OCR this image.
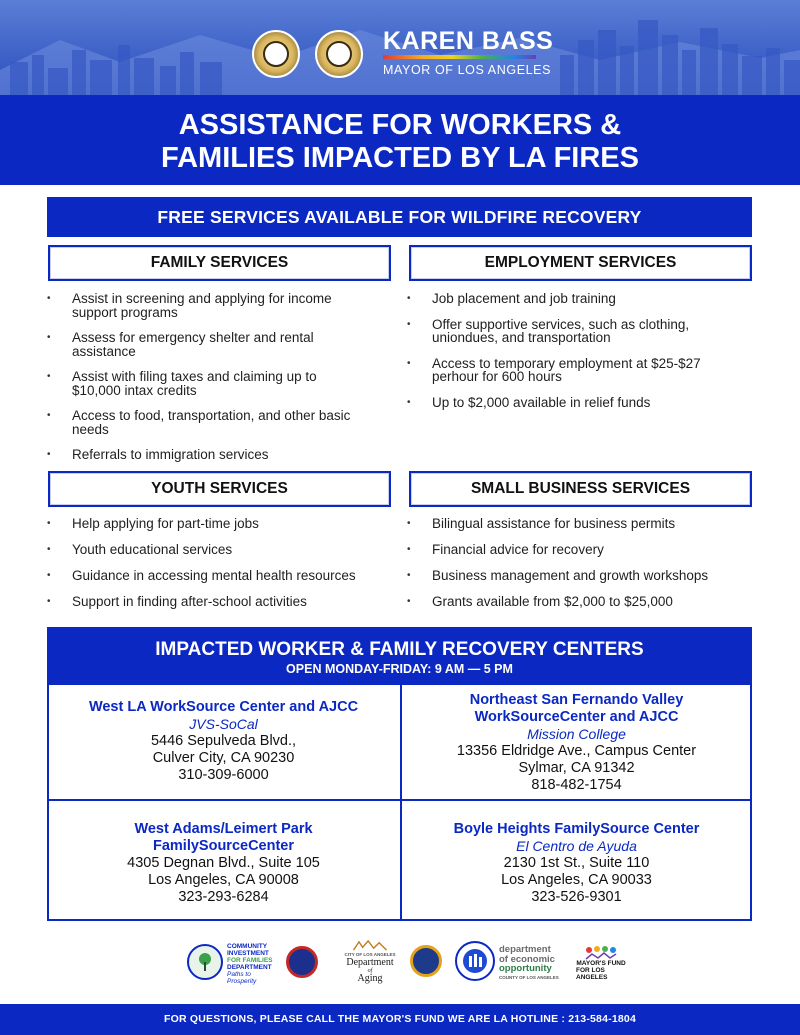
KAREN BASS
MAYOR OF LOS ANGELES
ASSISTANCE FOR WORKERS &
FAMILIES IMPACTED BY LA FIRES
FREE SERVICES AVAILABLE FOR WILDFIRE RECOVERY
FAMILY SERVICES	EMPLOYMENT SERVICES
• Assist in screening and applying for income
support programs
• Assess for emergency shelter and rental
assistance
• Assist with filing taxes and claiming up to
$10,000 intax credits
• Access to food, transportation, and other basic
needs
• Referrals to immigration services
• Job placement and job training
• Offer supportive services, such as clothing,
uniondues, and transportation
• Access to temporary employment at $25-$27
perhour for 600 hours
• Up to $2,000 available in relief funds
YOUTH SERVICES	SMALL BUSINESS SERVICES
• Help applying for part-time jobs
• Youth educational services
• Guidance in accessing mental health resources
• Support in finding after-school activities
• Bilingual assistance for business permits
• Financial advice for recovery
• Business management and growth workshops
• Grants available from $2,000 to $25,000
IMPACTED WORKER & FAMILY RECOVERY CENTERS
OPEN MONDAY-FRIDAY: 9 AM — 5 PM
West LA WorkSource Center and AJCC
JVS-SoCal
5446 Sepulveda Blvd.,
Culver City, CA 90230
310-309-6000
Northeast San Fernando Valley
WorkSourceCenter and AJCC
Mission College
13356 Eldridge Ave., Campus Center
Sylmar, CA 91342
818-482-1754
West Adams/Leimert Park
FamilySourceCenter
4305 Degnan Blvd., Suite 105
Los Angeles, CA 90008
323-293-6284
Boyle Heights FamilySource Center
El Centro de Ayuda
2130 1st St., Suite 110
Los Angeles, CA 90033
323-526-9301
COMMUNITY
INVESTMENT
FOR FAMILIES
DEPARTMENT
Paths to Prosperity
CITY OF LOS ANGELES
Department
of
Aging
department
of economic
opportunity
COUNTY OF LOS ANGELES
MAYOR'S FUND
FOR LOS ANGELES
FOR QUESTIONS, PLEASE CALL THE MAYOR'S FUND WE ARE LA HOTLINE : 213-584-1804
